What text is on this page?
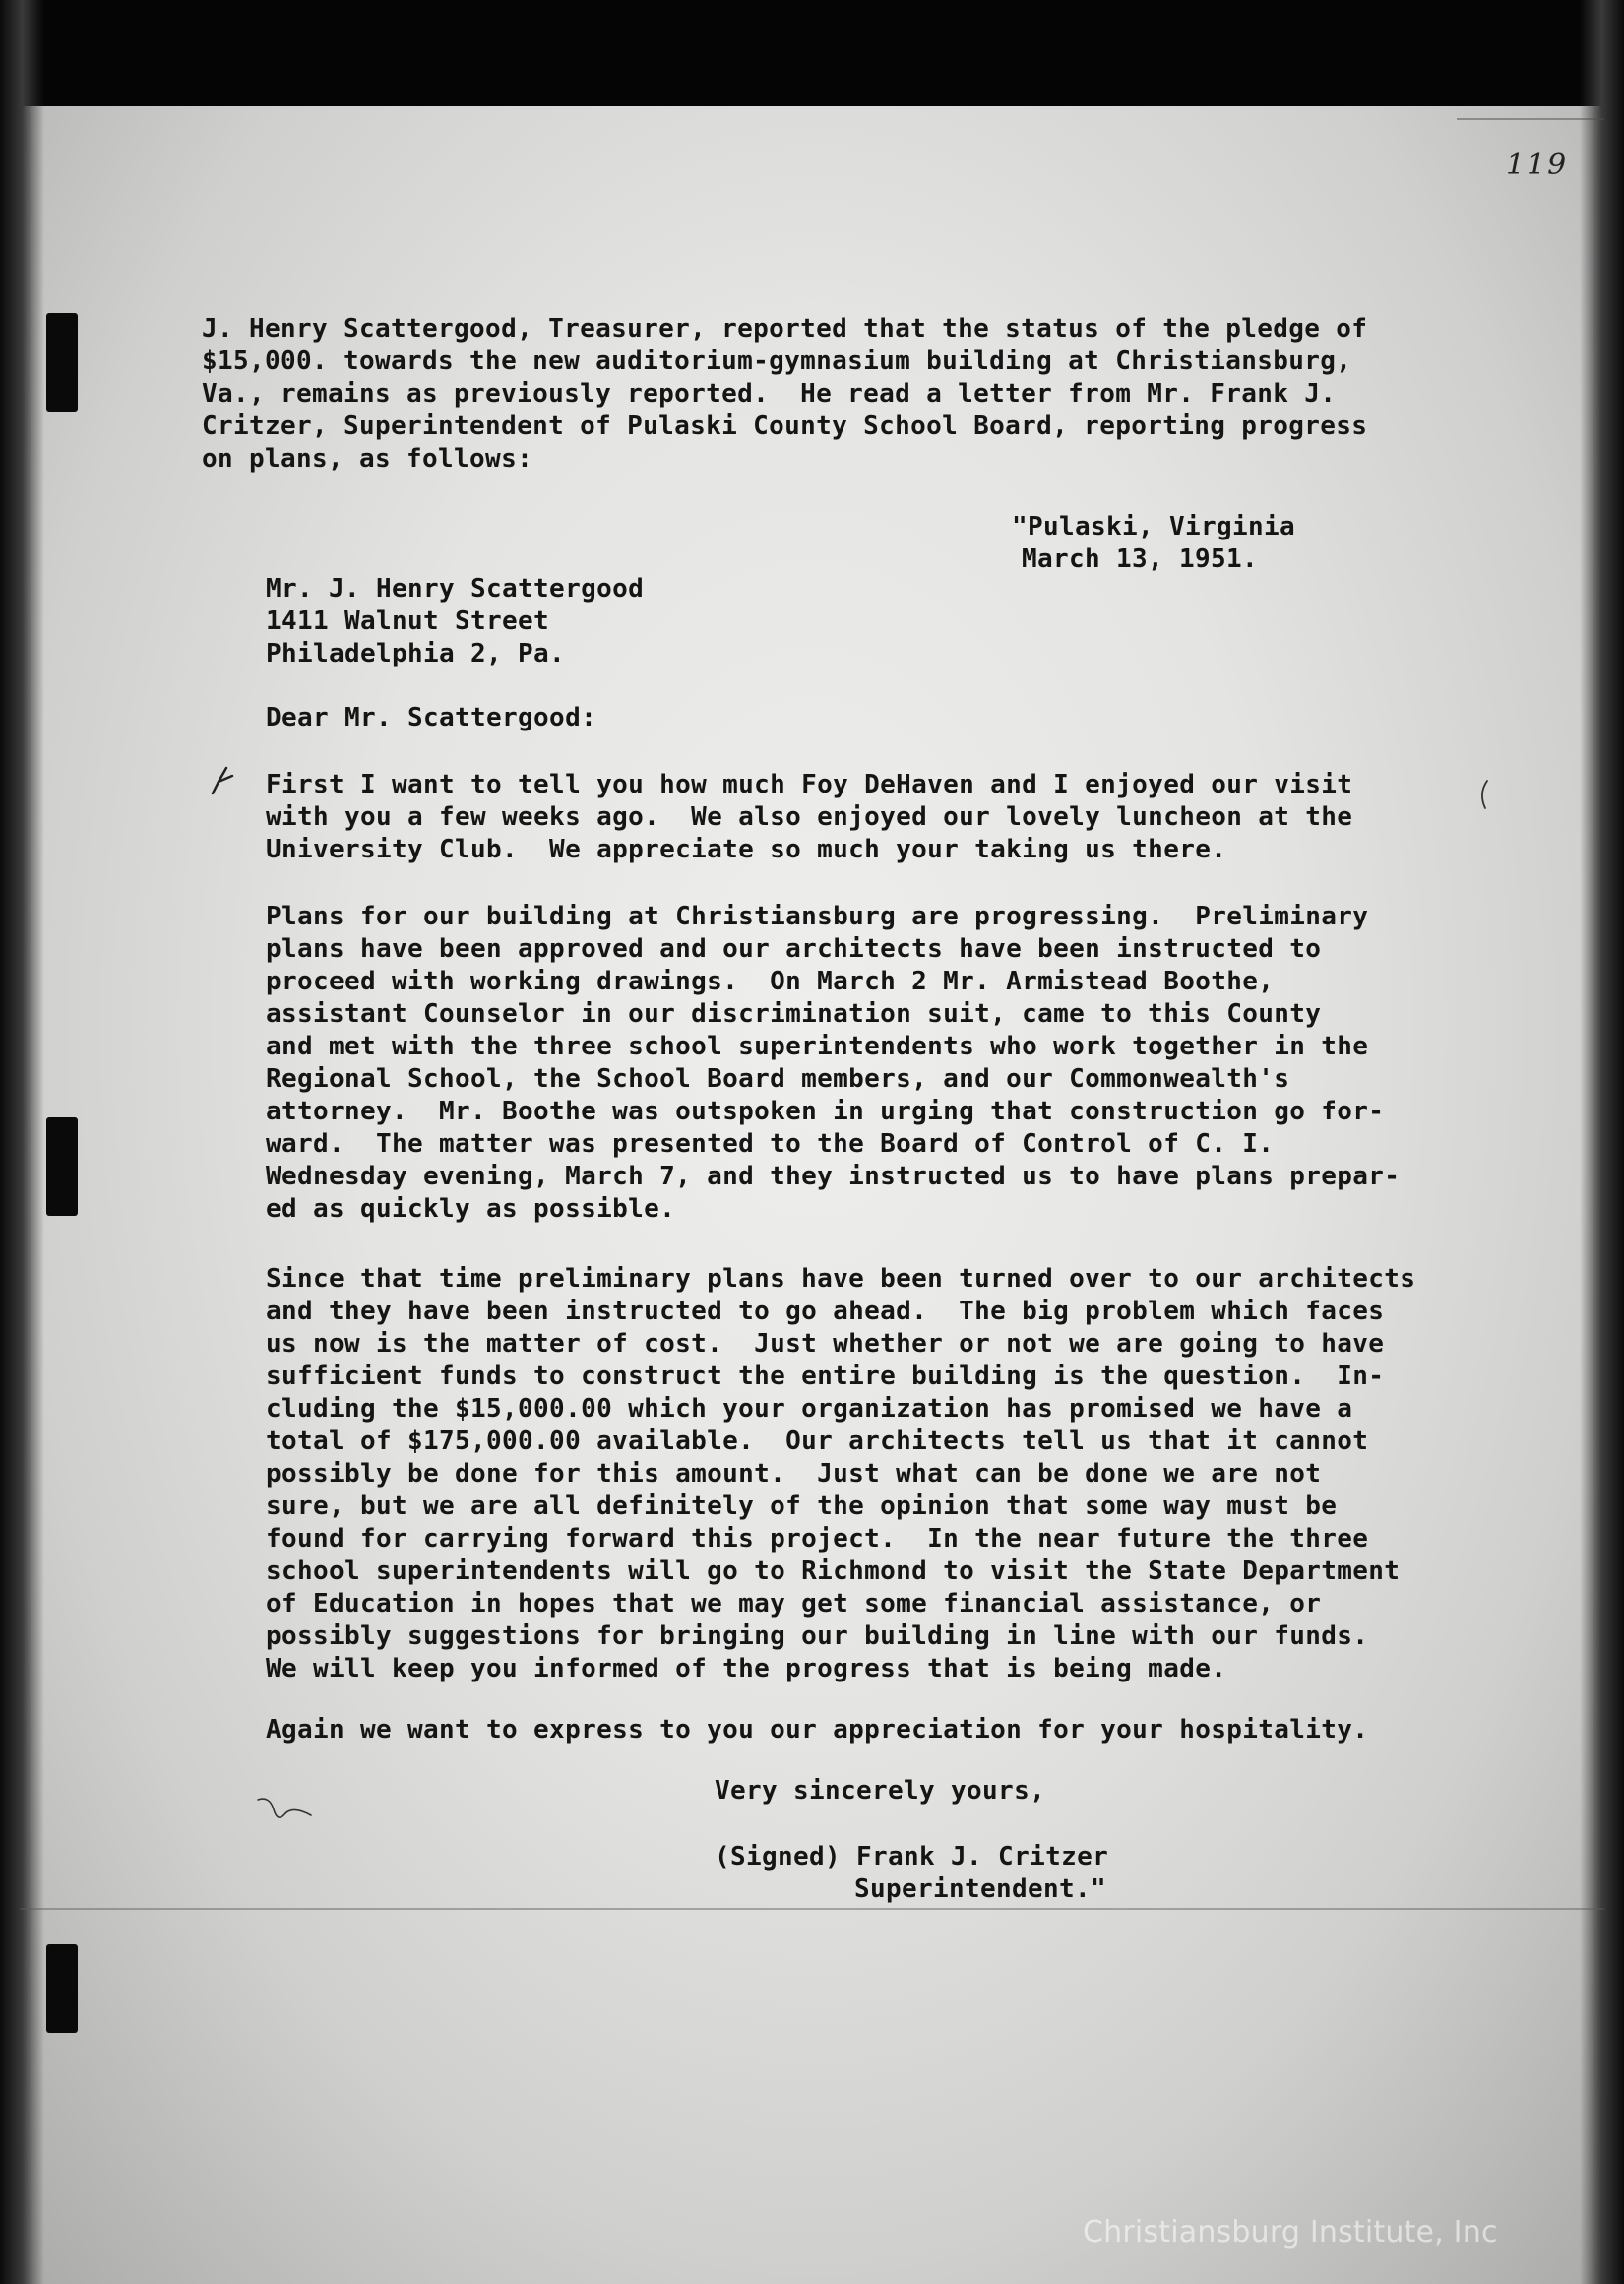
119
J. Henry Scattergood, Treasurer, reported that the status of the pledge of
$15,000. towards the new auditorium-gymnasium building at Christiansburg,
Va., remains as previously reported.  He read a letter from Mr. Frank J.
Critzer, Superintendent of Pulaski County School Board, reporting progress
on plans, as follows:
"Pulaski, Virginia
March 13, 1951.
Mr. J. Henry Scattergood
1411 Walnut Street
Philadelphia 2, Pa.
Dear Mr. Scattergood:
First I want to tell you how much Foy DeHaven and I enjoyed our visit
with you a few weeks ago.  We also enjoyed our lovely luncheon at the
University Club.  We appreciate so much your taking us there.
Plans for our building at Christiansburg are progressing.  Preliminary
plans have been approved and our architects have been instructed to
proceed with working drawings.  On March 2 Mr. Armistead Boothe,
assistant Counselor in our discrimination suit, came to this County
and met with the three school superintendents who work together in the
Regional School, the School Board members, and our Commonwealth's
attorney.  Mr. Boothe was outspoken in urging that construction go for-
ward.  The matter was presented to the Board of Control of C. I.
Wednesday evening, March 7, and they instructed us to have plans prepar-
ed as quickly as possible.
Since that time preliminary plans have been turned over to our architects
and they have been instructed to go ahead.  The big problem which faces
us now is the matter of cost.  Just whether or not we are going to have
sufficient funds to construct the entire building is the question.  In-
cluding the $15,000.00 which your organization has promised we have a
total of $175,000.00 available.  Our architects tell us that it cannot
possibly be done for this amount.  Just what can be done we are not
sure, but we are all definitely of the opinion that some way must be
found for carrying forward this project.  In the near future the three
school superintendents will go to Richmond to visit the State Department
of Education in hopes that we may get some financial assistance, or
possibly suggestions for bringing our building in line with our funds.
We will keep you informed of the progress that is being made.
Again we want to express to you our appreciation for your hospitality.
Very sincerely yours,
(Signed) Frank J. Critzer
Superintendent."
Christiansburg Institute, Inc
